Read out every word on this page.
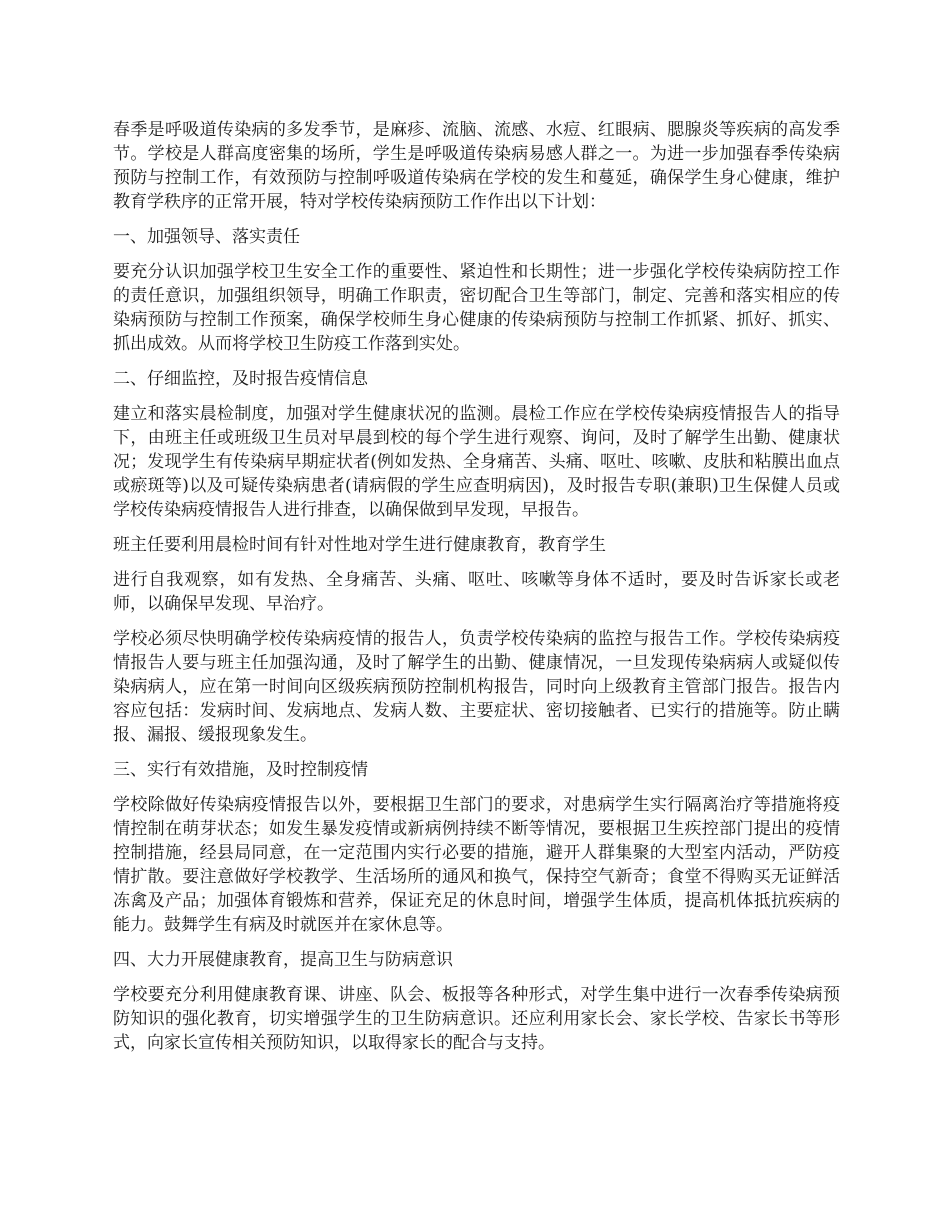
春季是呼吸道传染病的多发季节，是麻疹、流脑、流感、水痘、红眼病、腮腺炎等疾病的高发季节。学校是人群高度密集的场所，学生是呼吸道传染病易感人群之一。为进一步加强春季传染病预防与控制工作，有效预防与控制呼吸道传染病在学校的发生和蔓延，确保学生身心健康，维护教育学秩序的正常开展，特对学校传染病预防工作作出以下计划：

一、加强领导、落实责任

要充分认识加强学校卫生安全工作的重要性、紧迫性和长期性；进一步强化学校传染病防控工作的责任意识，加强组织领导，明确工作职责，密切配合卫生等部门，制定、完善和落实相应的传染病预防与控制工作预案，确保学校师生身心健康的传染病预防与控制工作抓紧、抓好、抓实、抓出成效。从而将学校卫生防疫工作落到实处。

二、仔细监控，及时报告疫情信息

建立和落实晨检制度，加强对学生健康状况的监测。晨检工作应在学校传染病疫情报告人的指导下，由班主任或班级卫生员对早晨到校的每个学生进行观察、询问，及时了解学生出勤、健康状况；发现学生有传染病早期症状者(例如发热、全身痛苦、头痛、呕吐、咳嗽、皮肤和粘膜出血点或瘀斑等)以及可疑传染病患者(请病假的学生应查明病因)，及时报告专职(兼职)卫生保健人员或学校传染病疫情报告人进行排查，以确保做到早发现，早报告。

班主任要利用晨检时间有针对性地对学生进行健康教育，教育学生

进行自我观察，如有发热、全身痛苦、头痛、呕吐、咳嗽等身体不适时，要及时告诉家长或老师，以确保早发现、早治疗。

学校必须尽快明确学校传染病疫情的报告人，负责学校传染病的监控与报告工作。学校传染病疫情报告人要与班主任加强沟通，及时了解学生的出勤、健康情况，一旦发现传染病病人或疑似传染病病人，应在第一时间向区级疾病预防控制机构报告，同时向上级教育主管部门报告。报告内容应包括：发病时间、发病地点、发病人数、主要症状、密切接触者、已实行的措施等。防止瞒报、漏报、缓报现象发生。

三、实行有效措施，及时控制疫情

学校除做好传染病疫情报告以外，要根据卫生部门的要求，对患病学生实行隔离治疗等措施将疫情控制在萌芽状态；如发生暴发疫情或新病例持续不断等情况，要根据卫生疾控部门提出的疫情控制措施，经县局同意，在一定范围内实行必要的措施，避开人群集聚的大型室内活动，严防疫情扩散。要注意做好学校教学、生活场所的通风和换气，保持空气新奇；食堂不得购买无证鲜活冻禽及产品；加强体育锻炼和营养，保证充足的休息时间，增强学生体质，提高机体抵抗疾病的能力。鼓舞学生有病及时就医并在家休息等。

四、大力开展健康教育，提高卫生与防病意识

学校要充分利用健康教育课、讲座、队会、板报等各种形式，对学生集中进行一次春季传染病预防知识的强化教育，切实增强学生的卫生防病意识。还应利用家长会、家长学校、告家长书等形式，向家长宣传相关预防知识，以取得家长的配合与支持。
